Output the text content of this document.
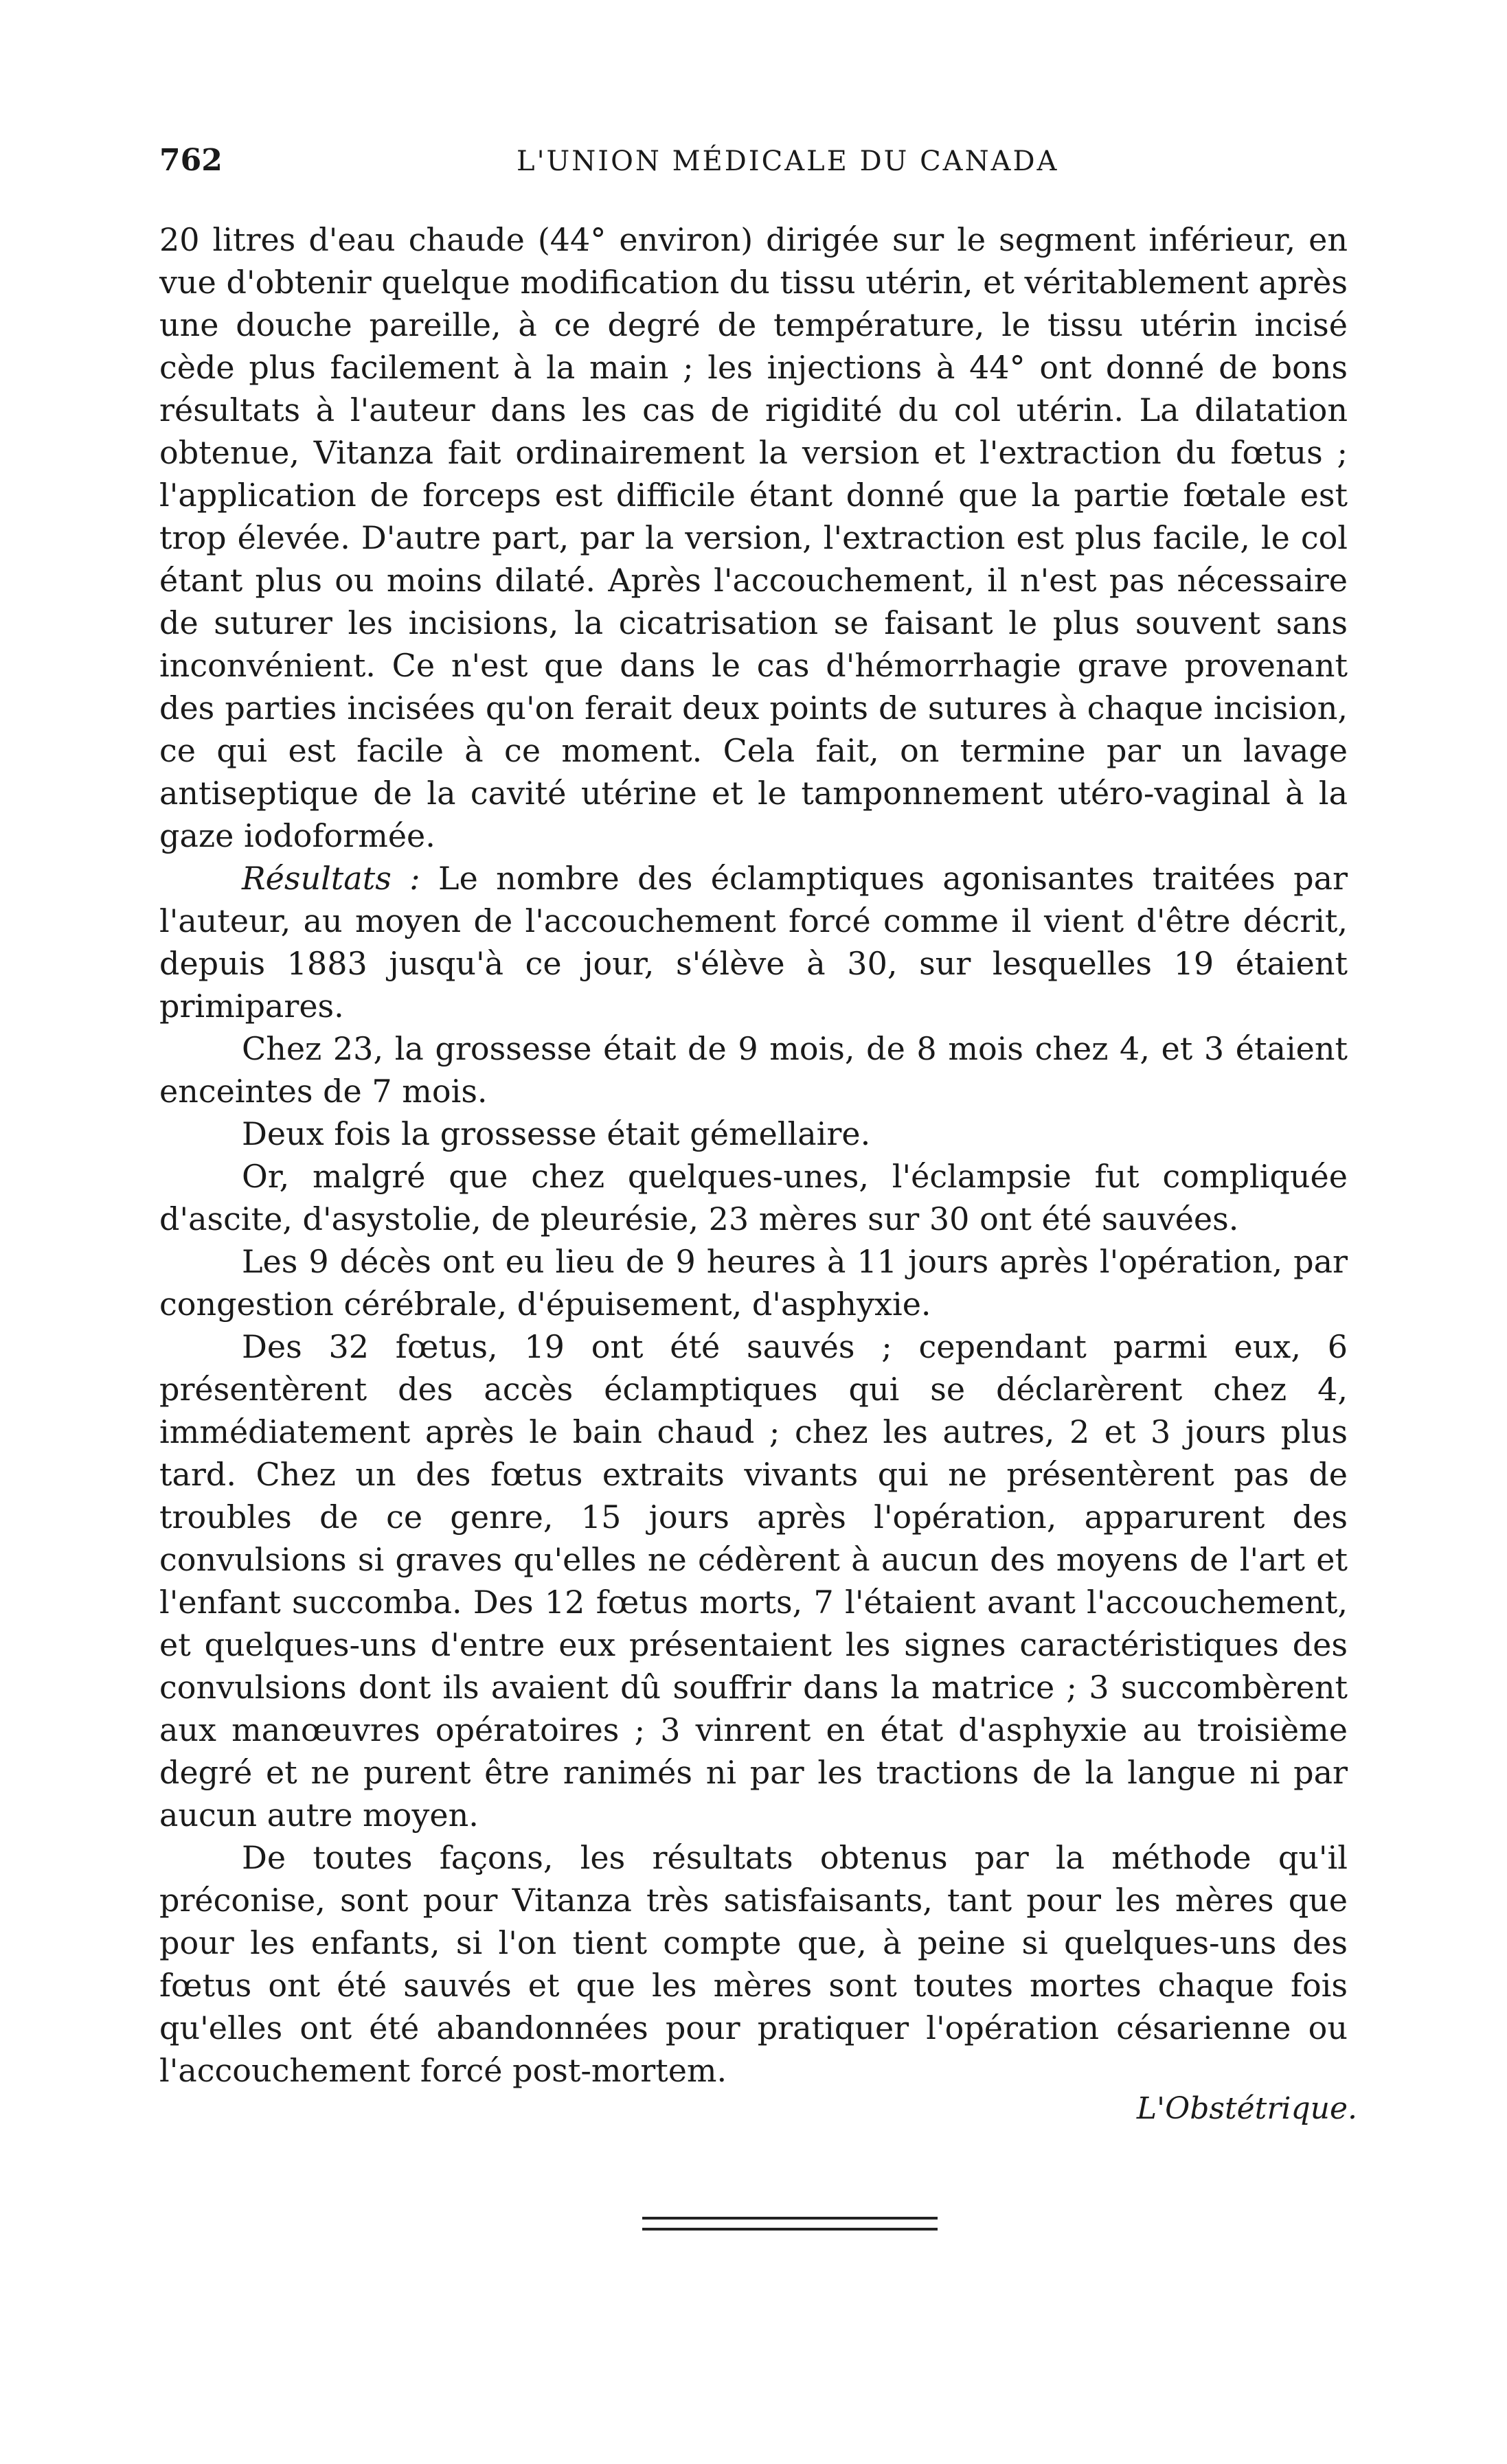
762	L'UNION MÉDICALE DU CANADA

20 litres d'eau chaude (44° environ) dirigée sur le segment inférieur, en vue d'obtenir quelque modification du tissu utérin, et véritablement après une douche pareille, à ce degré de température, le tissu utérin incisé cède plus facilement à la main ; les injections à 44° ont donné de bons résultats à l'auteur dans les cas de rigidité du col utérin. La dilatation obtenue, Vitanza fait ordinairement la version et l'extraction du fœtus ; l'application de forceps est difficile étant donné que la partie fœtale est trop élevée. D'autre part, par la version, l'extraction est plus facile, le col étant plus ou moins dilaté. Après l'accouchement, il n'est pas nécessaire de suturer les incisions, la cicatrisation se faisant le plus souvent sans inconvénient. Ce n'est que dans le cas d'hémorrhagie grave provenant des parties incisées qu'on ferait deux points de sutures à chaque incision, ce qui est facile à ce moment. Cela fait, on termine par un lavage antiseptique de la cavité utérine et le tamponnement utéro-vaginal à la gaze iodoformée.

Résultats : Le nombre des éclamptiques agonisantes traitées par l'auteur, au moyen de l'accouchement forcé comme il vient d'être décrit, depuis 1883 jusqu'à ce jour, s'élève à 30, sur lesquelles 19 étaient primipares.

Chez 23, la grossesse était de 9 mois, de 8 mois chez 4, et 3 étaient enceintes de 7 mois.

Deux fois la grossesse était gémellaire.

Or, malgré que chez quelques-unes, l'éclampsie fut compliquée d'ascite, d'asystolie, de pleurésie, 23 mères sur 30 ont été sauvées.

Les 9 décès ont eu lieu de 9 heures à 11 jours après l'opération, par congestion cérébrale, d'épuisement, d'asphyxie.

Des 32 fœtus, 19 ont été sauvés ; cependant parmi eux, 6 présentèrent des accès éclamptiques qui se déclarèrent chez 4, immédiatement après le bain chaud ; chez les autres, 2 et 3 jours plus tard. Chez un des fœtus extraits vivants qui ne présentèrent pas de troubles de ce genre, 15 jours après l'opération, apparurent des convulsions si graves qu'elles ne cédèrent à aucun des moyens de l'art et l'enfant succomba. Des 12 fœtus morts, 7 l'étaient avant l'accouchement, et quelques-uns d'entre eux présentaient les signes caractéristiques des convulsions dont ils avaient dû souffrir dans la matrice ; 3 succombèrent aux manœuvres opératoires ; 3 vinrent en état d'asphyxie au troisième degré et ne purent être ranimés ni par les tractions de la langue ni par aucun autre moyen.

De toutes façons, les résultats obtenus par la méthode qu'il préconise, sont pour Vitanza très satisfaisants, tant pour les mères que pour les enfants, si l'on tient compte que, à peine si quelques-uns des fœtus ont été sauvés et que les mères sont toutes mortes chaque fois qu'elles ont été abandonnées pour pratiquer l'opération césarienne ou l'accouchement forcé post-mortem.

L'Obstétrique.
